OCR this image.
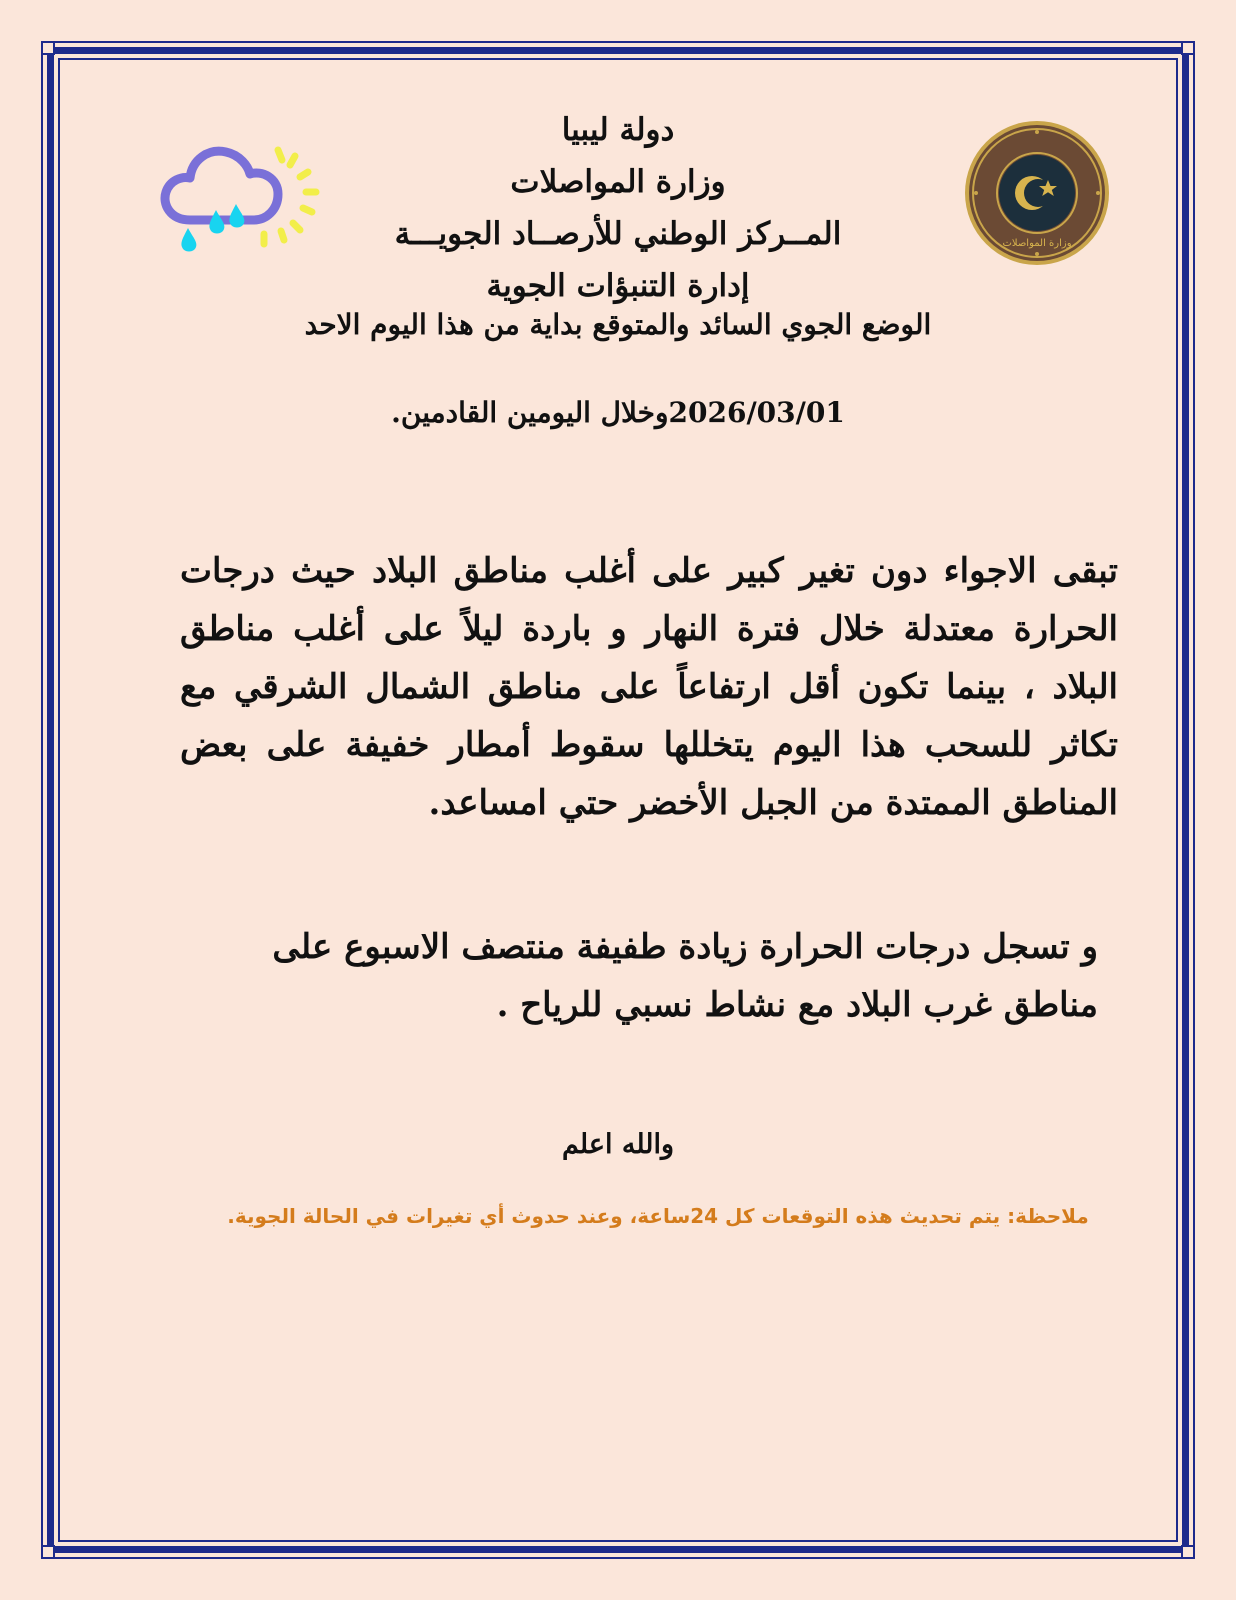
وزارة المواصلات
دولة ليبيا
وزارة المواصلات
المــركز الوطني للأرصــاد الجويـــة
إدارة التنبؤات الجوية
الوضع الجوي السائد والمتوقع بداية من هذا اليوم الاحد
2026/03/01وخلال اليومين القادمين.
تبقى الاجواء دون تغير كبير على أغلب مناطق البلاد حيث درجات الحرارة معتدلة خلال فترة النهار و باردة ليلاً على أغلب مناطق البلاد ، بينما تكون أقل ارتفاعاً على مناطق الشمال الشرقي مع تكاثر للسحب هذا اليوم يتخللها سقوط أمطار خفيفة على بعض المناطق الممتدة من الجبل الأخضر حتي امساعد.
و تسجل درجات الحرارة زيادة طفيفة منتصف الاسبوع على مناطق غرب البلاد مع نشاط نسبي للرياح .
والله اعلم
ملاحظة: يتم تحديث هذه التوقعات كل 24ساعة، وعند حدوث أي تغيرات في الحالة الجوية.
